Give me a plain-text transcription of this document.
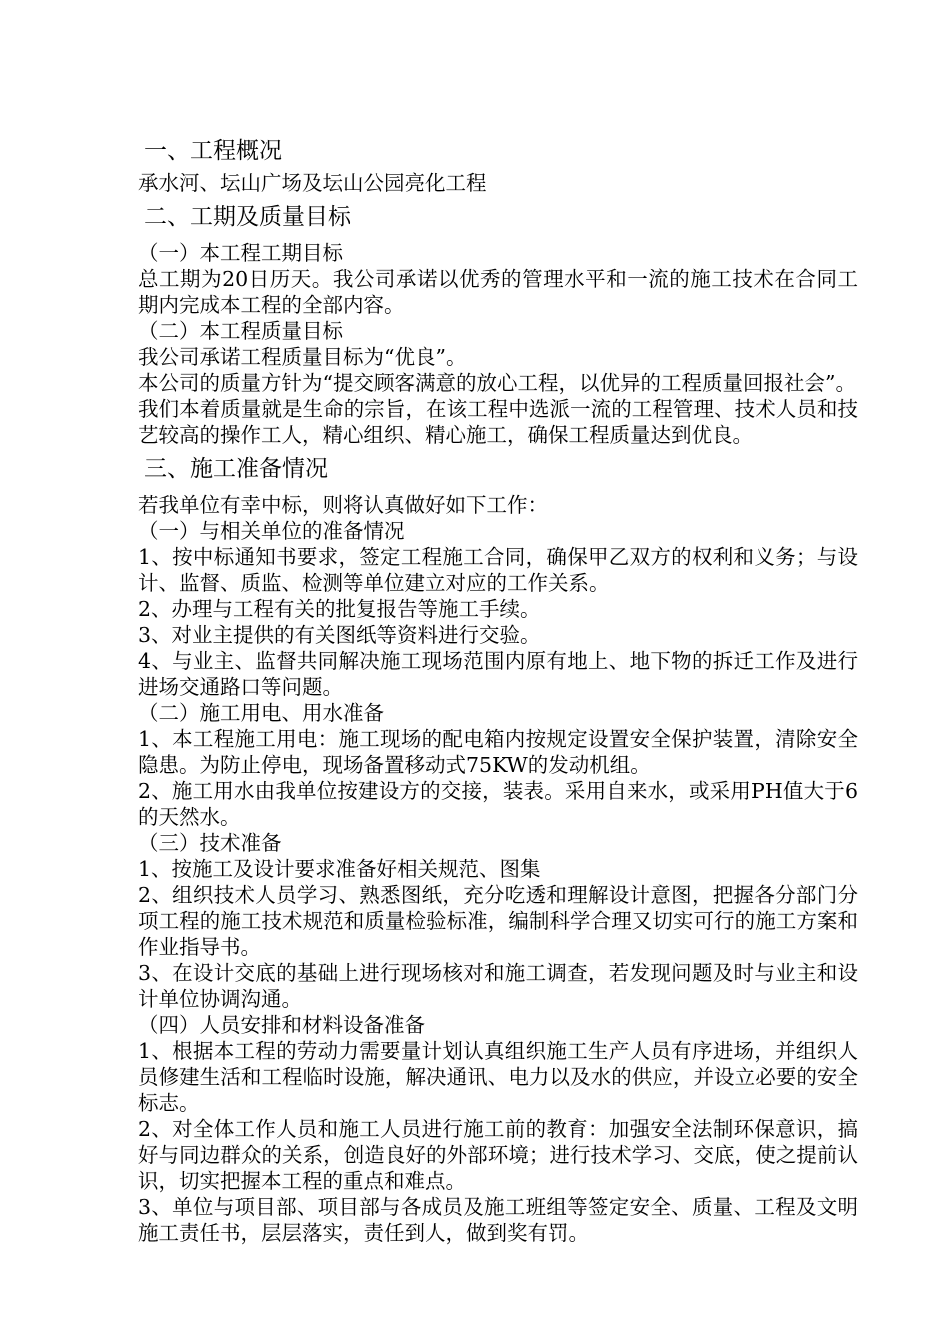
一、工程概况

承水河、坛山广场及坛山公园亮化工程

二、工期及质量目标

（一）本工程工期目标

总工期为20日历天。我公司承诺以优秀的管理水平和一流的施工技术在合同工期内完成本工程的全部内容。

（二）本工程质量目标

我公司承诺工程质量目标为“优良”。

本公司的质量方针为“提交顾客满意的放心工程，以优异的工程质量回报社会”。

我们本着质量就是生命的宗旨，在该工程中选派一流的工程管理、技术人员和技艺较高的操作工人，精心组织、精心施工，确保工程质量达到优良。

三、施工准备情况

若我单位有幸中标，则将认真做好如下工作：

（一）与相关单位的准备情况

1、按中标通知书要求，签定工程施工合同，确保甲乙双方的权利和义务；与设计、监督、质监、检测等单位建立对应的工作关系。

2、办理与工程有关的批复报告等施工手续。

3、对业主提供的有关图纸等资料进行交验。

4、与业主、监督共同解决施工现场范围内原有地上、地下物的拆迁工作及进行进场交通路口等问题。

（二）施工用电、用水准备

1、本工程施工用电：施工现场的配电箱内按规定设置安全保护装置，清除安全隐患。为防止停电，现场备置移动式75KW的发动机组。

2、施工用水由我单位按建设方的交接，装表。采用自来水，或采用PH值大于6的天然水。

（三）技术准备

1、按施工及设计要求准备好相关规范、图集

2、组织技术人员学习、熟悉图纸，充分吃透和理解设计意图，把握各分部门分项工程的施工技术规范和质量检验标准，编制科学合理又切实可行的施工方案和作业指导书。

3、在设计交底的基础上进行现场核对和施工调查，若发现问题及时与业主和设计单位协调沟通。

（四）人员安排和材料设备准备

1、根据本工程的劳动力需要量计划认真组织施工生产人员有序进场，并组织人员修建生活和工程临时设施，解决通讯、电力以及水的供应，并设立必要的安全标志。

2、对全体工作人员和施工人员进行施工前的教育：加强安全法制环保意识，搞好与同边群众的关系，创造良好的外部环境；进行技术学习、交底，使之提前认识，切实把握本工程的重点和难点。

3、单位与项目部、项目部与各成员及施工班组等签定安全、质量、工程及文明施工责任书，层层落实，责任到人，做到奖有罚。
